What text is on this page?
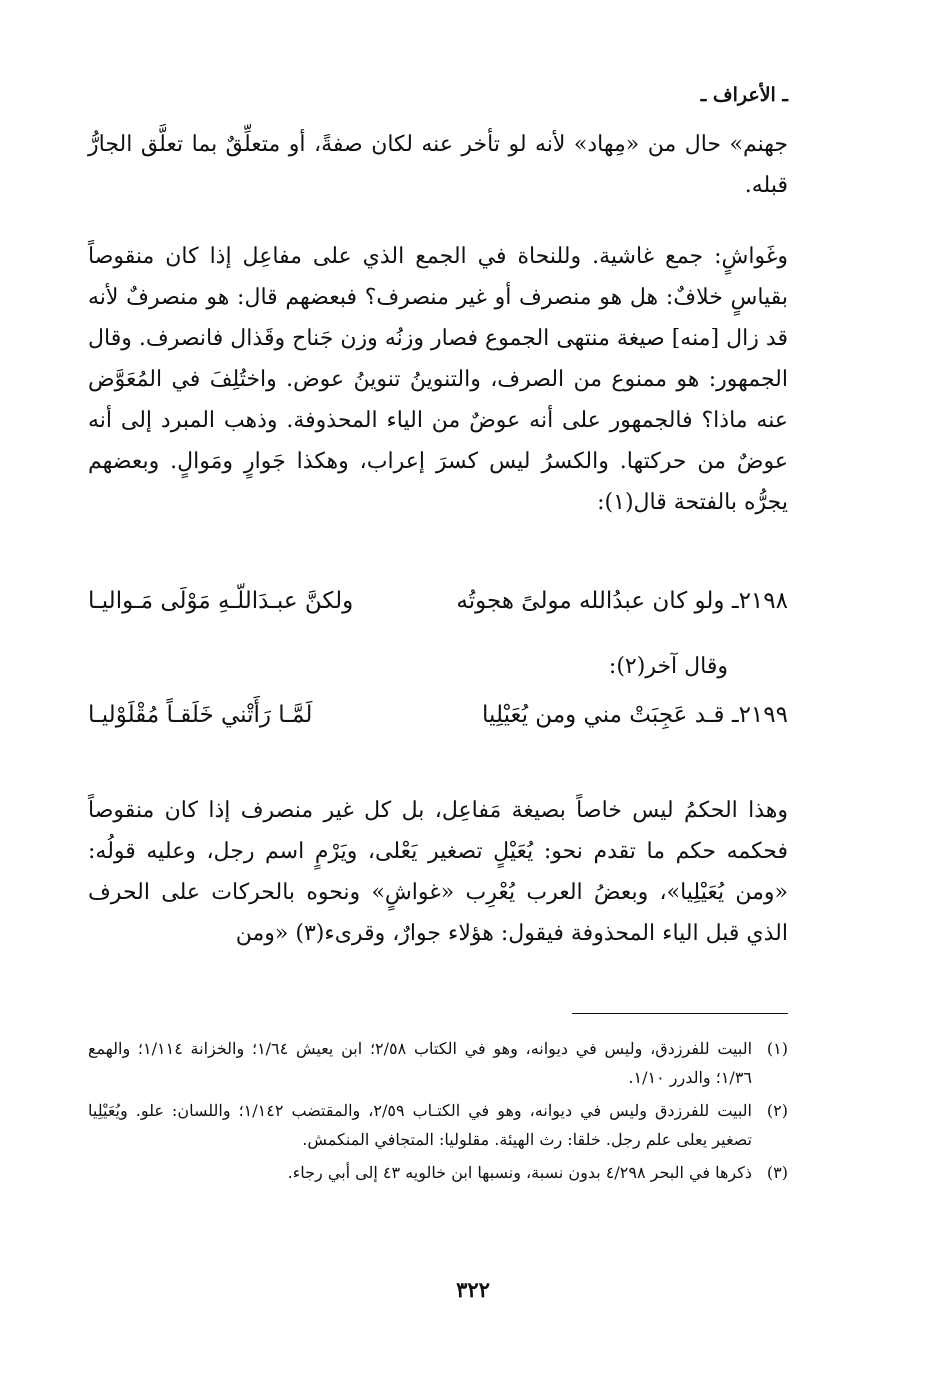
ـ الأعراف ـ

جهنم» حال من «مِهاد» لأنه لو تأخر عنه لكان صفةً، أو متعلِّقٌ بما تعلَّق الجارُّ قبله.

وغَواشٍ: جمع غاشية. وللنحاة في الجمع الذي على مفاعِل إذا كان منقوصاً بقياسٍ خلافٌ: هل هو منصرف أو غير منصرف؟ فبعضهم قال: هو منصرفٌ لأنه قد زال [منه] صيغة منتهى الجموع فصار وزنُه وزن جَناح وقَذال فانصرف. وقال الجمهور: هو ممنوع من الصرف، والتنوينُ تنوينُ عوض. واختُلِفَ في المُعَوَّض عنه ماذا؟ فالجمهور على أنه عوضٌ من الياء المحذوفة. وذهب المبرد إلى أنه عوضٌ من حركتها. والكسرُ ليس كسرَ إعراب، وهكذا جَوارٍ ومَوالٍ. وبعضهم يجرُّه بالفتحة قال(١):

٢١٩٨ـ ولو كان عبدُالله مولىً هجوتُه
ولكنَّ عبـدَاللّـهِ مَوْلَى مَـواليـا
وقال آخر(٢):
٢١٩٩ـ قـد عَجِبَتْ مني ومن يُعَيْلِيا
لَمَّـا رَأَتْني خَلَقـاً مُقْلَوْليـا

وهذا الحكمُ ليس خاصاً بصيغة مَفاعِل، بل كل غير منصرف إذا كان منقوصاً فحكمه حكم ما تقدم نحو: يُعَيْلٍ تصغير يَعْلى، ويَرْمٍ اسم رجل، وعليه قولُه: «ومن يُعَيْلِيا»، وبعضُ العرب يُعْرِب «غواشٍ» ونحوه بالحركات على الحرف الذي قبل الياء المحذوفة فيقول: هؤلاء جوارٌ، وقرىء(٣) «ومن

(١)
البيت للفرزدق، وليس في ديوانه، وهو في الكتاب ٢/٥٨؛ ابن يعيش ١/٦٤؛ والخزانة ١/١١٤؛ والهمع ١/٣٦؛ والدرر ١/١٠.
(٢)
البيت للفرزدق وليس في ديوانه، وهو في الكتـاب ٢/٥٩، والمقتضب ١/١٤٢؛ واللسان: علو. ويُعَيْلِيا تصغير يعلى علم رجل. خلقا: رث الهيئة. مقلوليا: المتجافي المنكمش.
(٣)
ذكرها في البحر ٤/٢٩٨ بدون نسبة، ونسبها ابن خالويه ٤٣ إلى أبي رجاء.
٣٢٢
